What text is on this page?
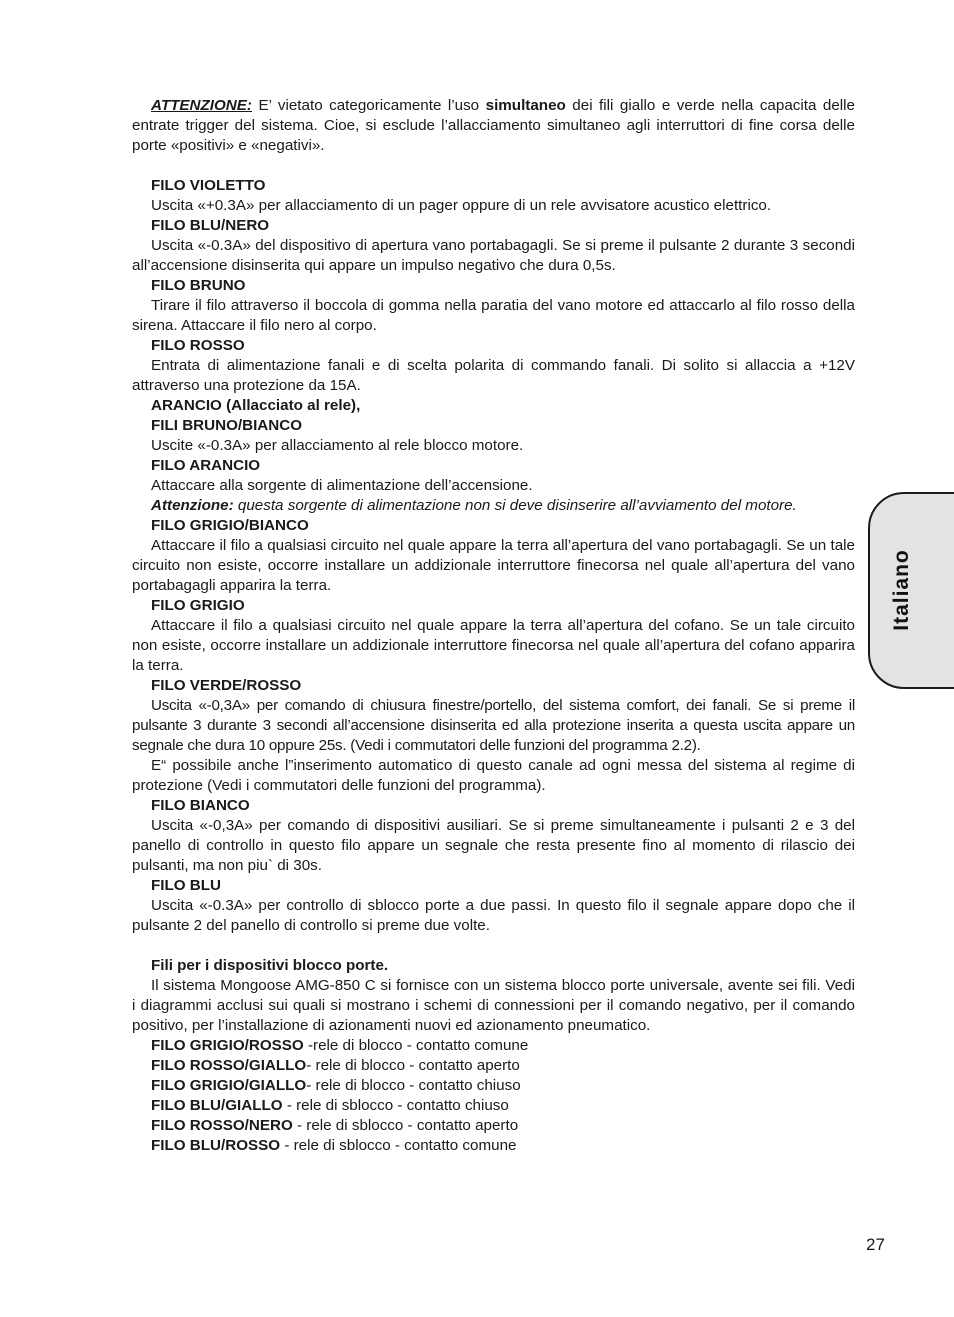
ATTENZIONE: E’ vietato categoricamente l’uso simultaneo dei fili giallo e verde nella capacita delle entrate trigger del sistema. Cioe, si esclude l’allacciamento simultaneo agli interruttori di fine corsa delle porte «positivi» e «negativi».

FILO VIOLETTO

Uscita «+0.3A» per allacciamento di un pager oppure di un rele avvisatore acustico elettrico.

FILO BLU/NERO

Uscita «-0.3A» del dispositivo di apertura vano portabagagli. Se si preme il pulsante 2 durante 3 secondi all’accensione disinserita qui appare un impulso negativo che dura 0,5s.

FILO BRUNO

Tirare il filo attraverso il boccola di gomma nella paratia del vano motore ed attaccarlo al filo rosso della sirena. Attaccare il filo nero al corpo.

FILO ROSSO

Entrata di alimentazione fanali e di scelta polarita di commando fanali. Di solito si allaccia a +12V attraverso una protezione da 15A.

ARANCIO (Allacciato al rele),

FILI BRUNO/BIANCO

Uscite «-0.3A» per allacciamento al rele blocco motore.

FILO ARANCIO

Attaccare alla sorgente di alimentazione dell’accensione.

Attenzione: questa sorgente di alimentazione non si deve disinserire all’avviamento del motore.

FILO GRIGIO/BIANCO

Attaccare il filo a qualsiasi circuito nel quale appare la terra all’apertura del vano portabagagli. Se un tale circuito non esiste, occorre installare un addizionale interruttore finecorsa nel quale all’apertura del vano portabagagli apparira la terra.

FILO GRIGIO

Attaccare il filo a qualsiasi circuito nel quale appare la terra all’apertura del cofano. Se un tale circuito non esiste, occorre installare un addizionale interruttore finecorsa nel quale all’apertura del cofano apparira la terra.

FILO VERDE/ROSSO

Uscita «-0,3A» per comando di chiusura finestre/portello, del sistema comfort, dei fanali. Se si preme il pulsante 3 durante 3 secondi all’accensione disinserita ed alla protezione inserita a questa uscita appare un segnale che dura 10 oppure 25s. (Vedi i commutatori delle funzioni del programma 2.2).

E“ possibile anche l”inserimento automatico di questo canale ad ogni messa del sistema al regime di protezione (Vedi i commutatori delle funzioni del programma).

FILO BIANCO

Uscita «-0,3A» per comando di dispositivi ausiliari. Se si preme simultaneamente i pulsanti 2 e 3 del panello di controllo in questo filo appare un segnale che resta presente fino al momento di rilascio dei pulsanti, ma non piu` di 30s.

FILO BLU

Uscita «-0.3A» per controllo di sblocco porte a due passi. In questo filo il segnale appare dopo che il pulsante 2 del panello di controllo si preme due volte.

Fili per i dispositivi blocco porte.

Il sistema Mongoose AMG-850 C si fornisce con un sistema blocco porte universale, avente sei fili. Vedi i diagrammi acclusi sui quali si mostrano i schemi di connessioni per il comando negativo, per il comando positivo, per l’installazione di azionamenti nuovi ed azionamento pneumatico.

FILO GRIGIO/ROSSO -rele di blocco - contatto comune

FILO ROSSO/GIALLO- rele di blocco - contatto aperto

FILO GRIGIO/GIALLO- rele di blocco - contatto chiuso

FILO BLU/GIALLO - rele di sblocco - contatto chiuso

FILO ROSSO/NERO - rele di sblocco - contatto aperto

FILO BLU/ROSSO - rele di sblocco - contatto comune

Italiano
27
